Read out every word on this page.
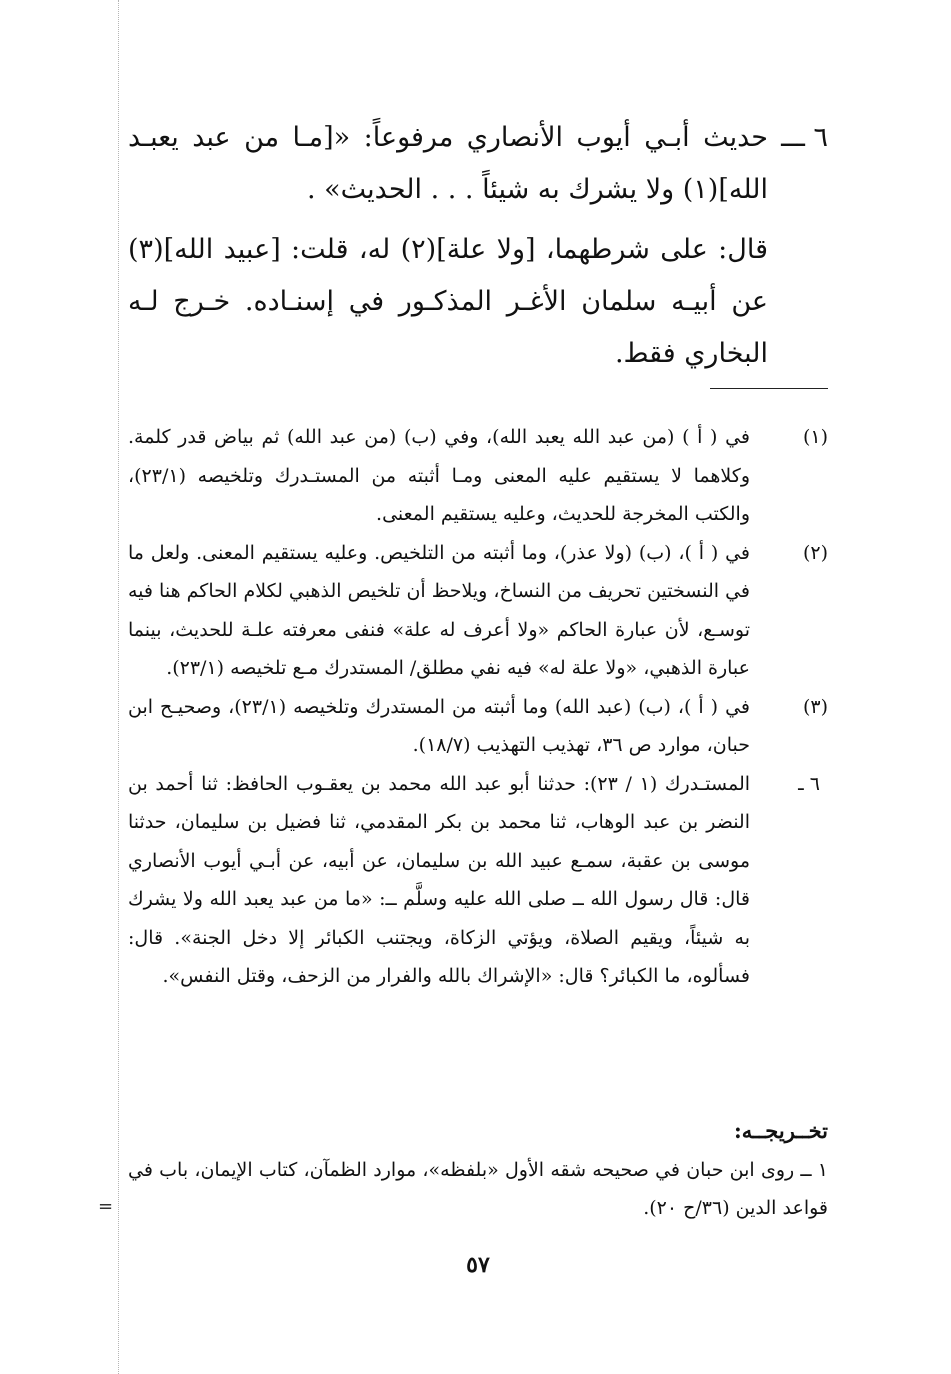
=
٦ ـــ
حديث أبـي أيوب الأنصاري مرفوعاً: «[مـا من عبد يعبـد الله](١) ولا يشرك به شيئاً . . . الحديث» .
قال: على شرطهما، [ولا علة](٢) له، قلت: [عبيد الله](٣) عن أبيـه سلمان الأغـر المذكـور في إسنـاده. خـرج لـه البخاري فقط.
(١)
في ( أ ) (من عبد الله يعبد الله)، وفي (ب) (من عبد الله) ثم بياض قدر كلمة. وكلاهما لا يستقيم عليه المعنى ومـا أثبته من المستـدرك وتلخيصه (٢٣/١)، والكتب المخرجة للحديث، وعليه يستقيم المعنى.
(٢)
في ( أ )، (ب) (ولا عذر)، وما أثبته من التلخيص. وعليه يستقيم المعنى. ولعل ما في النسختين تحريف من النساخ، ويلاحظ أن تلخيص الذهبي لكلام الحاكم هنا فيه توسـع، لأن عبارة الحاكم «ولا أعرف له علة» فنفى معرفته علـة للحديث، بينما عبارة الذهبي، «ولا علة له» فيه نفي مطلق/ المستدرك مـع تلخيصه (٢٣/١).
(٣)
في ( أ )، (ب) (عبد الله) وما أثبته من المستدرك وتلخيصه (٢٣/١)، وصحيـح ابن حبان، موارد ص ٣٦، تهذيب التهذيب (١٨/٧).
٦ ـ
المستـدرك (١ / ٢٣): حدثنا أبو عبد الله محمد بن يعقـوب الحافظ: ثنا أحمد بن النضر بن عبد الوهاب، ثنا محمد بن بكر المقدمي، ثنا فضيل بن سليمان، حدثنا موسى بن عقبة، سمـع عبيد الله بن سليمان، عن أبيه، عن أبـي أيوب الأنصاري قال: قال رسول الله ــ صلى الله عليه وسلَّم ــ: «ما من عبد يعبد الله ولا يشرك به شيئاً، ويقيم الصلاة، ويؤتي الزكاة، ويجتنب الكبائر إلا دخل الجنة». قال: فسألوه، ما الكبائر؟ قال: «الإشراك بالله والفرار من الزحف، وقتل النفس».
تخــريجــه:
١ ــ روى ابن حبان في صحيحه شقه الأول «بلفظه»، موارد الظمآن، كتاب الإيمان، باب في قواعد الدين (٣٦/ح ٢٠).
٥٧
